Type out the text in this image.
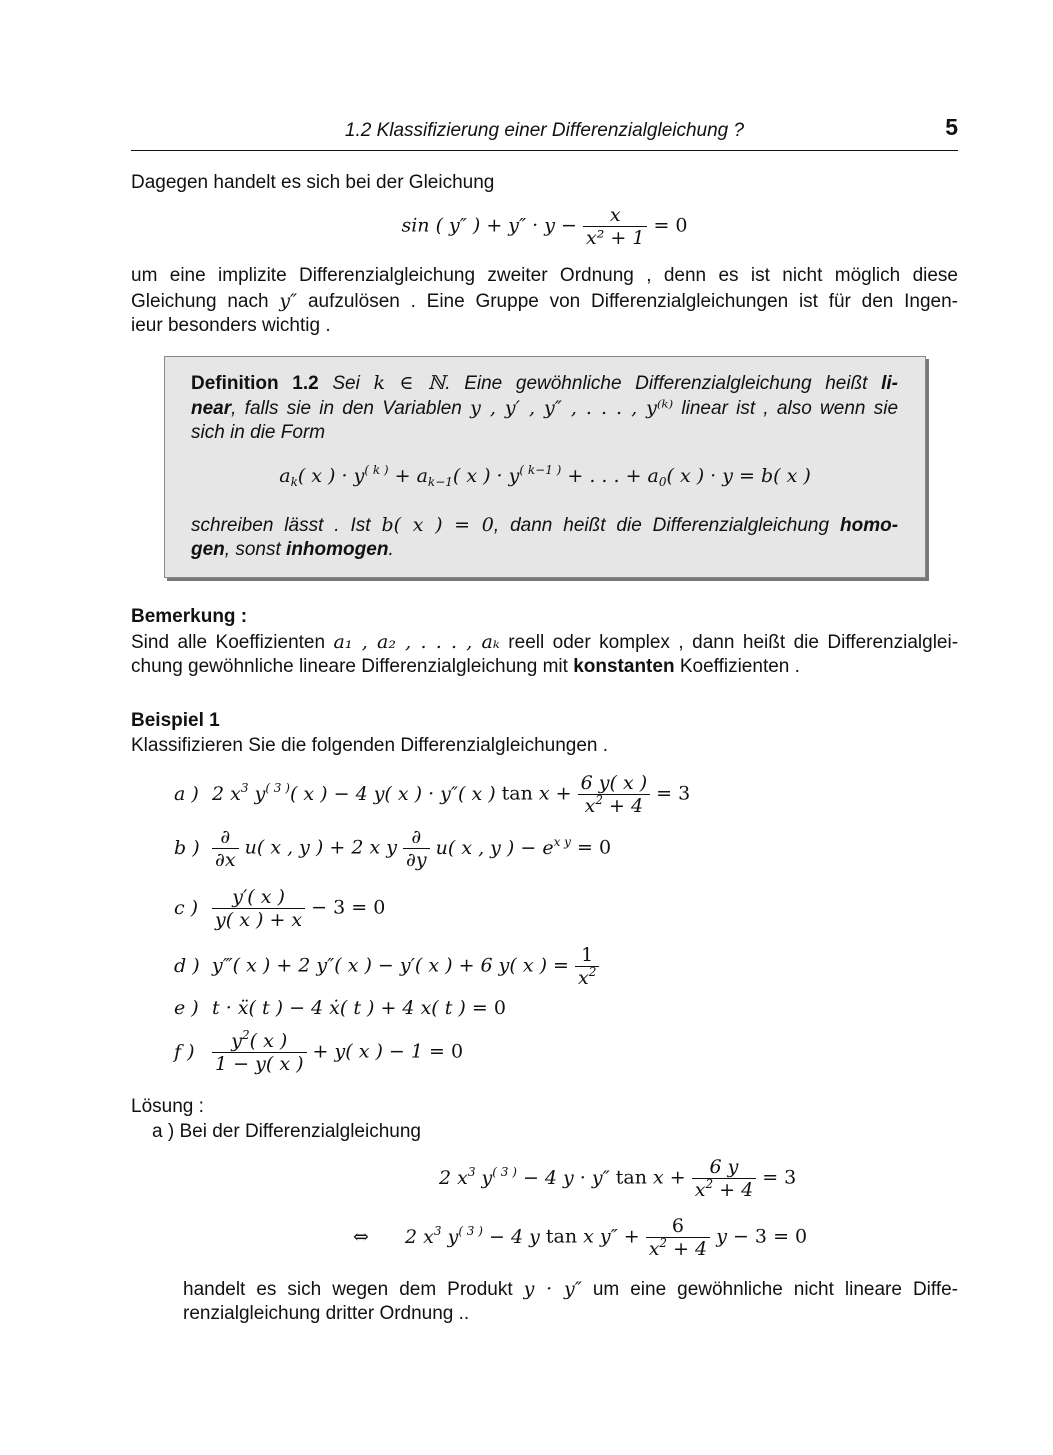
1.2 Klassifizierung einer Differenzialgleichung ?	5
Dagegen handelt es sich bei der Gleichung
sin ( y″ ) + $y'' \cdot y - \frac{x}{\text{x² + 1}} = 0$
um eine implizite Differenzialgleichung zweiter Ordnung , denn es ist nicht möglich diese
Gleichung nach y″ aufzulösen . Eine Gruppe von Differenzialgleichungen ist für den Ingen-
ieur besonders wichtig .
Definition 1.2 Sei k ∈ ℕ. Eine gewöhnliche Differenzialgleichung heißt li-
near, falls sie in den Variablen y , y′ , y″ , . . . , y⁽ᵏ⁾ linear ist , also wenn sie
sich in die Form
$a_k$( x ) · $y^{( k )} + a_{k-1}$( x ) · $y^{( k-1 )}$ + . . . + $a_0$( x ) · y = b( x )
schreiben lässt . Ist b( x ) = 0, dann heißt die Differenzialgleichung homo-
gen, sonst inhomogen.
Bemerkung :
Sind alle Koeffizienten a₁ , a₂ , . . . , aₖ reell oder komplex , dann heißt die Differenzialglei-
chung gewöhnliche lineare Differenzialgleichung mit konstanten Koeffizienten .
Beispiel 1
Klassifizieren Sie die folgenden Differenzialgleichungen .
a ) 2 $x^3$ $y^{( 3 )}$( x ) − 4 y( x ) · y″( x ) $\tan x + \frac{6 y( x )}{x^2 + 4} = 3$
b ) $\frac{\partial}{\partial x} u$( x , y ) + 2 x y $\frac{\partial}{\partial y} u$( x , y ) − $e^{x y} = 0$
c ) $\frac{y'( x )}{y( x ) + x} - 3 = 0$
d ) y‴( x ) + 2 y″( x ) − y′( x ) + 6 y( x ) = $\frac{1}{x^2}$
e ) t · ẍ( t ) − 4 ẋ( t ) + 4 x( t ) = 0
f ) $\frac{y^2( x )}{1 - y( x )} + y$( x ) − 1 = 0
Lösung :
a ) Bei der Differenzialgleichung
2 $x^3$ $y^{( 3 )} - 4$ y · y″ $\tan x + \frac{6 y}{x^2 + 4} = 3$
⇔ 2 $x^3$ $y^{( 3 )} - 4$ y tan x $y'' + \frac{6}{x^2 + 4}$ y − 3 = 0
handelt es sich wegen dem Produkt y · y″ um eine gewöhnliche nicht lineare Diffe-
renzialgleichung dritter Ordnung ..
